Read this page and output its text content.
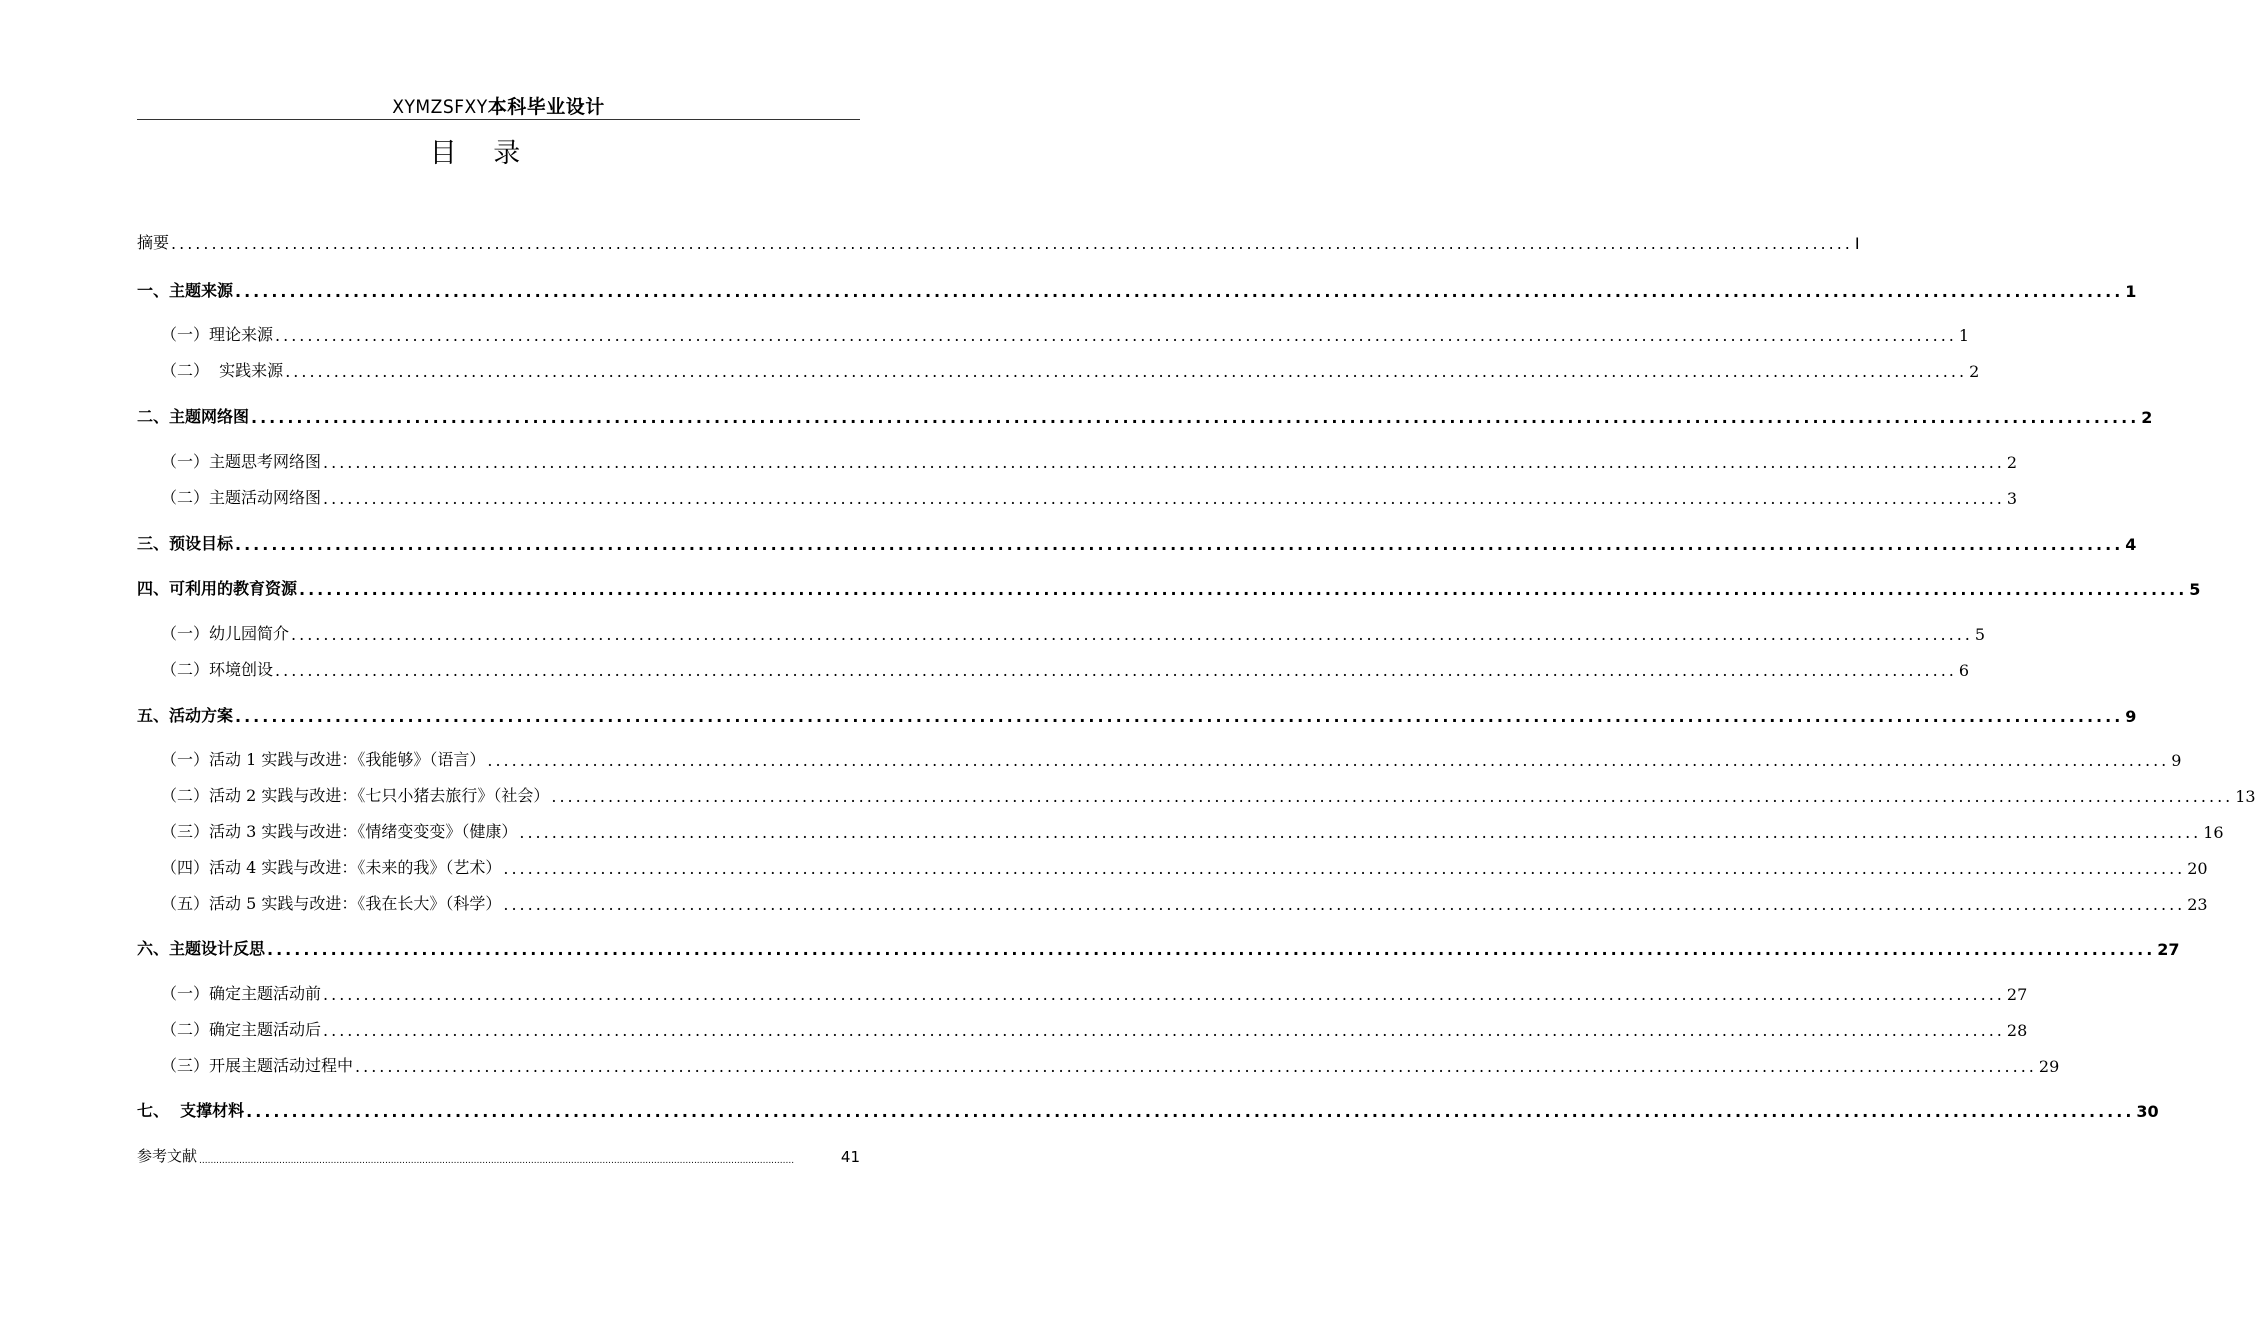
XYMZSFXY本科毕业设计
目 录
摘要 ................................................................................................................................................................................................................ I
一、主题来源 ................................................................................................................................................................................................................ 1
（一）理论来源 ................................................................................................................................................................................................................ 1
（二）  实践来源 ................................................................................................................................................................................................................ 2
二、主题网络图 ................................................................................................................................................................................................................ 2
（一）主题思考网络图 ................................................................................................................................................................................................................ 2
（二）主题活动网络图 ................................................................................................................................................................................................................ 3
三、预设目标 ................................................................................................................................................................................................................ 4
四、可利用的教育资源 ................................................................................................................................................................................................................ 5
（一）幼儿园简介 ................................................................................................................................................................................................................ 5
（二）环境创设 ................................................................................................................................................................................................................ 6
五、活动方案 ................................................................................................................................................................................................................ 9
（一）活动 1 实践与改进：《我能够》（语言） ................................................................................................................................................................................................................ 9
（二）活动 2 实践与改进：《七只小猪去旅行》（社会） ................................................................................................................................................................................................................ 13
（三）活动 3 实践与改进：《情绪变变变》（健康） ................................................................................................................................................................................................................ 16
（四）活动 4 实践与改进：《未来的我》（艺术） ................................................................................................................................................................................................................ 20
（五）活动 5 实践与改进：《我在长大》（科学） ................................................................................................................................................................................................................ 23
六、主题设计反思 ................................................................................................................................................................................................................ 27
（一）确定主题活动前 ................................................................................................................................................................................................................ 27
（二）确定主题活动后 ................................................................................................................................................................................................................ 28
（三）开展主题活动过程中 ................................................................................................................................................................................................................ 29
七、  支撑材料 ................................................................................................................................................................................................................ 30
参考文献 ................................................................................................................................................................................................................	41
